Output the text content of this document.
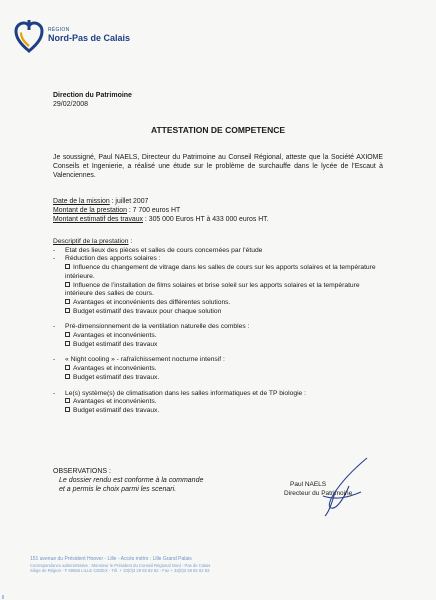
RÉGION
Nord-Pas de Calais
Direction du Patrimoine
29/02/2008
ATTESTATION DE COMPETENCE
Je soussigné, Paul NAELS, Directeur du Patrimoine au Conseil Régional, atteste que la Société AXIOME Conseils et Ingenierie, a réalisé une étude sur le problème de surchauffe dans le lycée de l’Escaut à Valenciennes.
Date de la mission : juillet 2007
Montant de la prestation : 7 700 euros HT
Montant estimatif des travaux : 305 000 Euros HT à 433 000 euros HT.
Descriptif de la prestation :
- Etat des lieux des pièces et salles de cours concernées par l’étude
- Réduction des apports solaires :
Influence du changement de vitrage dans les salles de cours sur les apports solaires et la température intérieure.
Influence de l’installation de films solaires et brise soleil sur les apports solaires et la température intérieure des salles de cours.
Avantages et inconvénients des différentes solutions.
Budget estimatif des travaux pour chaque solution
- Pré-dimensionnement de la ventilation naturelle des combles :
Avantages et inconvénients.
Budget estimatif des travaux
- « Night cooling » - rafraîchissement nocturne intensif :
Avantages et inconvénients.
Budget estimatif des travaux.
- Le(s) système(s) de climatisation dans les salles informatiques et de TP biologie :
Avantages et inconvénients.
Budget estimatif des travaux.
OBSERVATIONS :
Le dossier rendu est conforme à la commande
et a permis le choix parmi les scenari.
Paul NAELS
Directeur du Patrimoine
151 avenue du Président Hoover - Lille - Accès métro : Lille Grand Palais
Correspondance administrative : Monsieur le Président du Conseil Régional Nord - Pas de Calais
Siège de Région - F 59555 LILLE CEDEX - Tél. + 33(0)3 28 82 82 82 - Fax + 33(0)3 28 82 82 83
